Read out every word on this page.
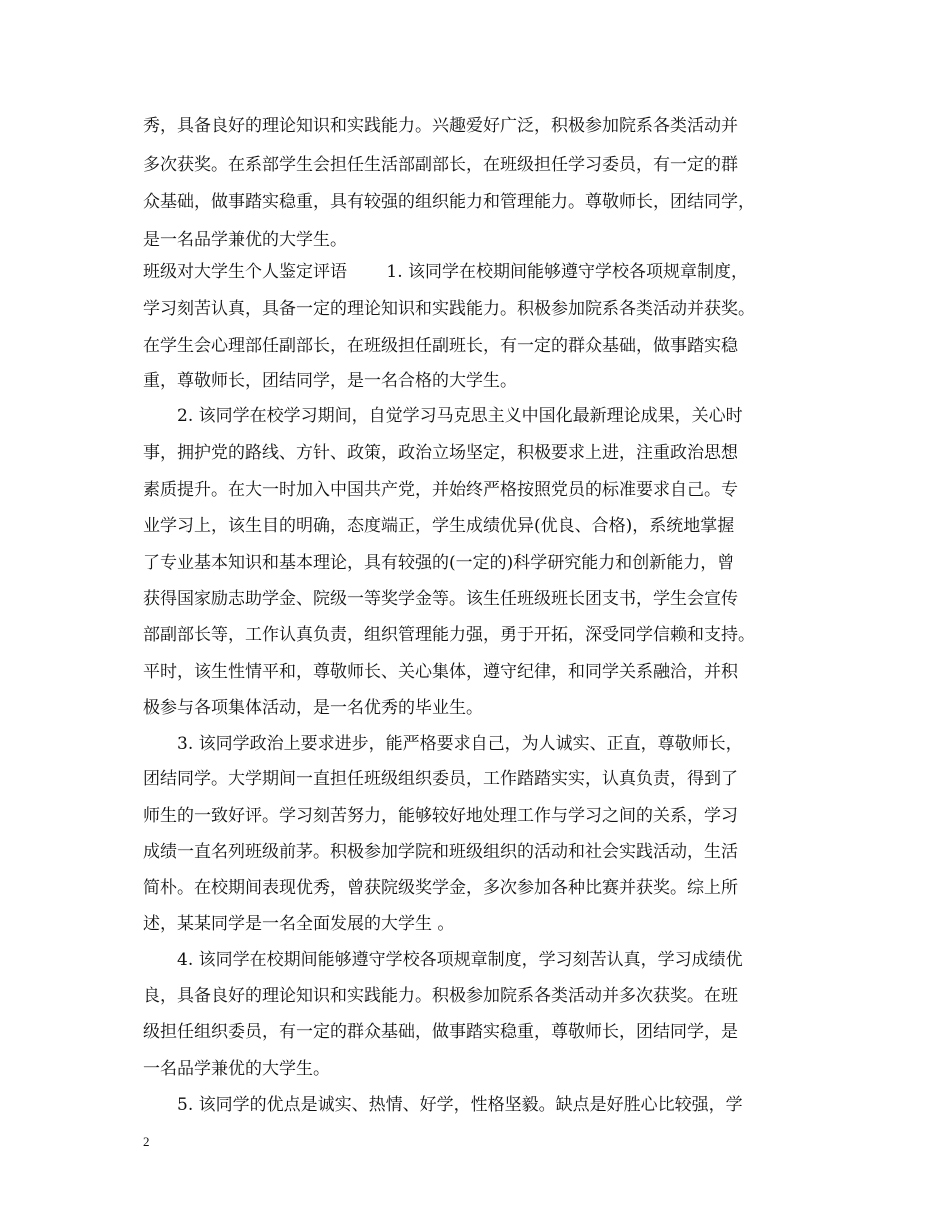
秀，具备良好的理论知识和实践能力。兴趣爱好广泛，积极参加院系各类活动并
多次获奖。在系部学生会担任生活部副部长，在班级担任学习委员，有一定的群
众基础，做事踏实稳重，具有较强的组织能力和管理能力。尊敬师长，团结同学，
是一名品学兼优的大学生。
班级对大学生个人鉴定评语　　 1. 该同学在校期间能够遵守学校各项规章制度，
学习刻苦认真，具备一定的理论知识和实践能力。积极参加院系各类活动并获奖。
在学生会心理部任副部长，在班级担任副班长，有一定的群众基础，做事踏实稳
重，尊敬师长，团结同学，是一名合格的大学生。
　　2. 该同学在校学习期间，自觉学习马克思主义中国化最新理论成果，关心时
事，拥护党的路线、方针、政策，政治立场坚定，积极要求上进，注重政治思想
素质提升。在大一时加入中国共产党，并始终严格按照党员的标准要求自己。专
业学习上，该生目的明确，态度端正，学生成绩优异(优良、合格)，系统地掌握
了专业基本知识和基本理论，具有较强的(一定的)科学研究能力和创新能力，曾
获得国家励志助学金、院级一等奖学金等。该生任班级班长团支书，学生会宣传
部副部长等，工作认真负责，组织管理能力强，勇于开拓，深受同学信赖和支持。
平时，该生性情平和，尊敬师长、关心集体，遵守纪律，和同学关系融洽，并积
极参与各项集体活动，是一名优秀的毕业生。
　　3. 该同学政治上要求进步，能严格要求自己，为人诚实、正直，尊敬师长，
团结同学。大学期间一直担任班级组织委员，工作踏踏实实，认真负责，得到了
师生的一致好评。学习刻苦努力，能够较好地处理工作与学习之间的关系，学习
成绩一直名列班级前茅。积极参加学院和班级组织的活动和社会实践活动，生活
简朴。在校期间表现优秀，曾获院级奖学金，多次参加各种比赛并获奖。综上所
述，某某同学是一名全面发展的大学生 。
　　4. 该同学在校期间能够遵守学校各项规章制度，学习刻苦认真，学习成绩优
良，具备良好的理论知识和实践能力。积极参加院系各类活动并多次获奖。在班
级担任组织委员，有一定的群众基础，做事踏实稳重，尊敬师长，团结同学，是
一名品学兼优的大学生。
　　5. 该同学的优点是诚实、热情、好学，性格坚毅。缺点是好胜心比较强，学
2
